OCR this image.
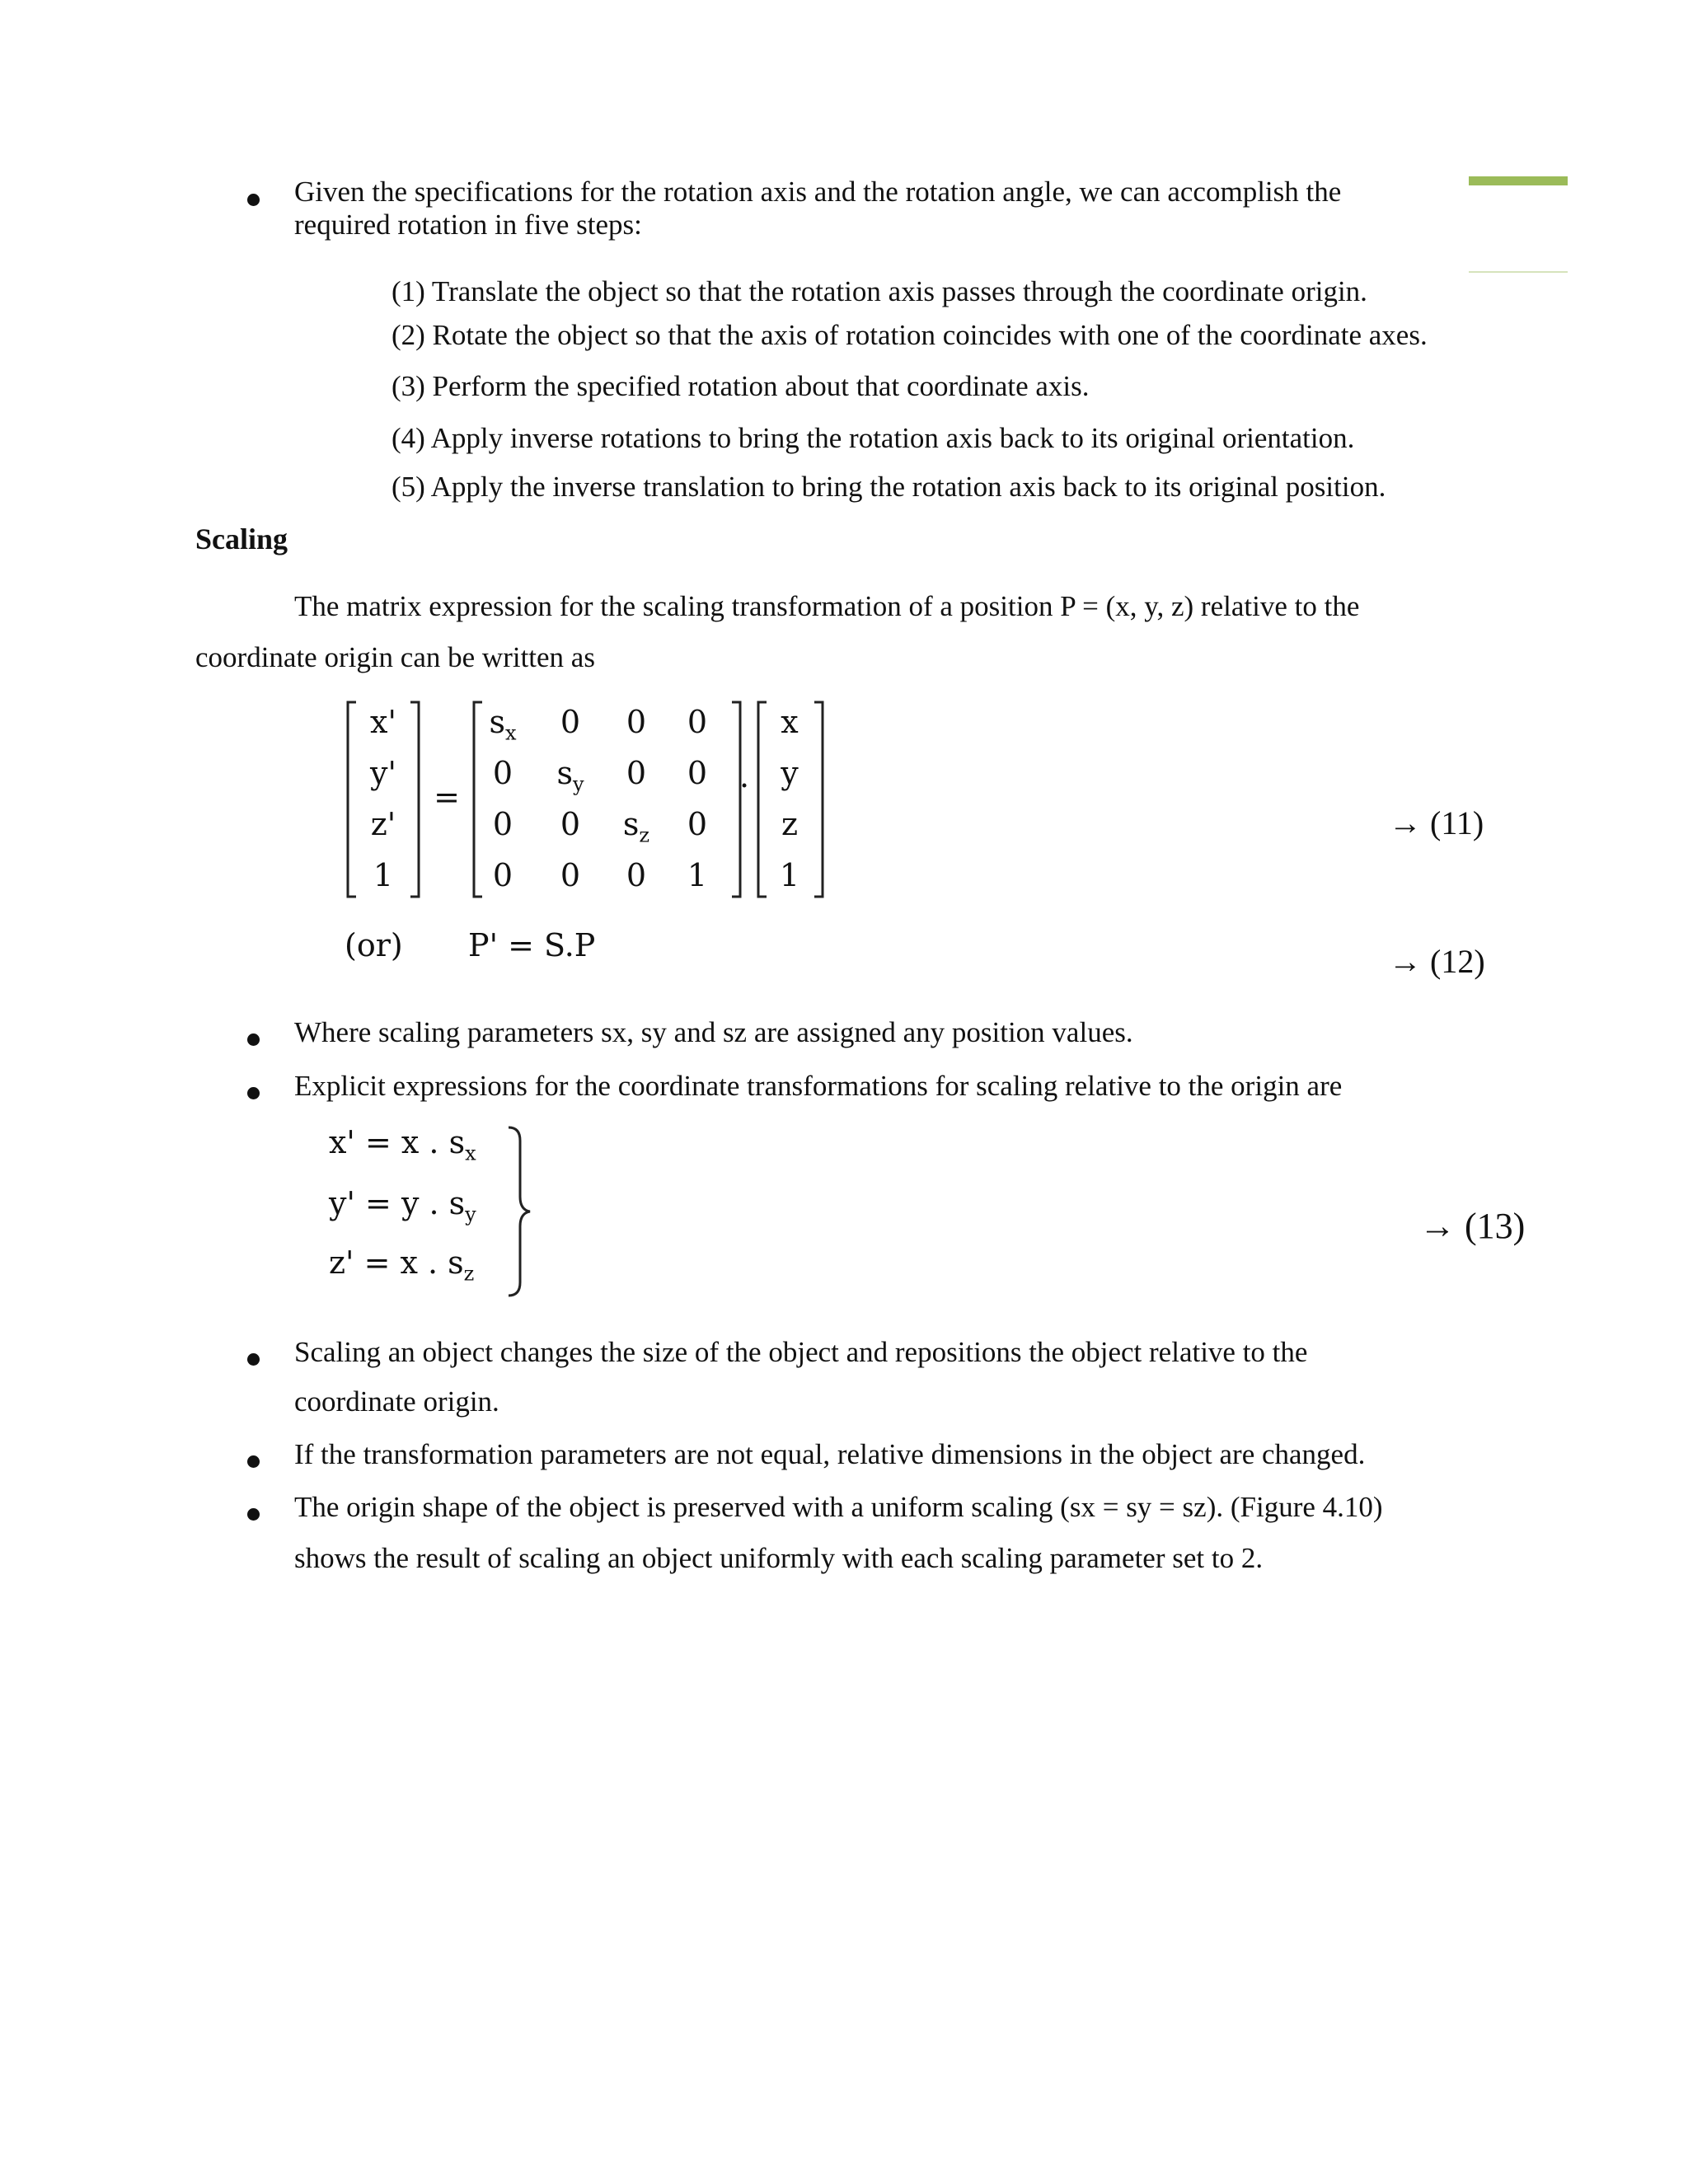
Given the specifications for the rotation axis and the rotation angle, we can accomplish the
required rotation in five steps:
(1) Translate the object so that the rotation axis passes through the coordinate origin.
(2) Rotate the object so that the axis of rotation coincides with one of the coordinate axes.
(3) Perform the specified rotation about that coordinate axis.
(4) Apply inverse rotations to bring the rotation axis back to its original orientation.
(5) Apply the inverse translation to bring the rotation axis back to its original position.
Scaling
The matrix expression for the scaling transformation of a position P = (x, y, z) relative to the
coordinate origin can be written as
x'
y'
z'
1
=
$s_x$ 0 0 0
0 $s_y$ 0 0
0 0 $s_z$ 0
0 0 0 1
.
x
y
z
1
→ (11)
(or) P' = S.P	→ (12)
Where scaling parameters sx, sy and sz are assigned any position values.
Explicit expressions for the coordinate transformations for scaling relative to the origin are
x' = x . $s_x$
y' = y . $s_y$
z' = x . $s_z$
→ (13)
Scaling an object changes the size of the object and repositions the object relative to the
coordinate origin.
If the transformation parameters are not equal, relative dimensions in the object are changed.
The origin shape of the object is preserved with a uniform scaling (sx = sy = sz). (Figure 4.10)
shows the result of scaling an object uniformly with each scaling parameter set to 2.
